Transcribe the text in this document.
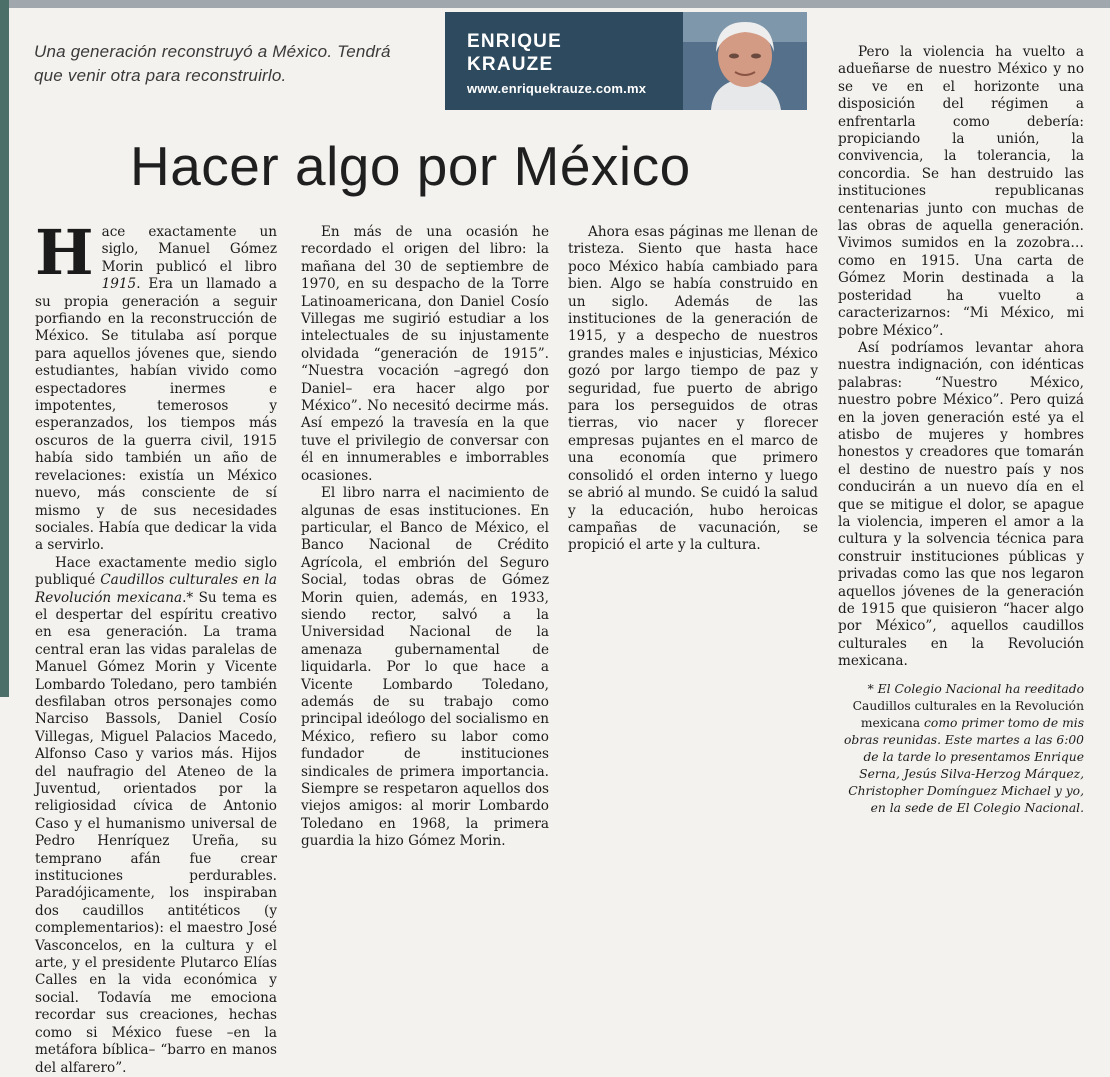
Una generación reconstruyó a México. Tendrá que venir otra para reconstruirlo.
ENRIQUE KRAUZE
www.enriquekrauze.com.mx
Hacer algo por México

Hace exactamente un siglo, Manuel Gómez Morin publicó el libro 1915. Era un llamado a su propia generación a seguir porfiando en la reconstrucción de México. Se titulaba así porque para aquellos jóvenes que, siendo estudiantes, habían vivido como espectadores inermes e impotentes, temerosos y esperanzados, los tiempos más oscuros de la guerra civil, 1915 había sido también un año de revelaciones: existía un México nuevo, más consciente de sí mismo y de sus necesidades sociales. Había que dedicar la vida a servirlo.

Hace exactamente medio siglo publiqué Caudillos culturales en la Revolución mexicana.* Su tema es el despertar del espíritu creativo en esa generación. La trama central eran las vidas paralelas de Manuel Gómez Morin y Vicente Lombardo Toledano, pero también desfilaban otros personajes como Narciso Bassols, Daniel Cosío Villegas, Miguel Palacios Macedo, Alfonso Caso y varios más. Hijos del naufragio del Ateneo de la Juventud, orientados por la religiosidad cívica de Antonio Caso y el humanismo universal de Pedro Henríquez Ureña, su temprano afán fue crear instituciones perdurables. Paradójicamente, los inspiraban dos caudillos antitéticos (y complementarios): el maestro José Vasconcelos, en la cultura y el arte, y el presidente Plutarco Elías Calles en la vida económica y social. Todavía me emociona recordar sus creaciones, hechas como si México fuese –en la metáfora bíblica– “barro en manos del alfarero”.

En más de una ocasión he recordado el origen del libro: la mañana del 30 de septiembre de 1970, en su despacho de la Torre Latinoamericana, don Daniel Cosío Villegas me sugirió estudiar a los intelectuales de su injustamente olvidada “generación de 1915”. “Nuestra vocación –agregó don Daniel– era hacer algo por México”. No necesitó decirme más. Así empezó la travesía en la que tuve el privilegio de conversar con él en innumerables e imborrables ocasiones.

El libro narra el nacimiento de algunas de esas instituciones. En particular, el Banco de México, el Banco Nacional de Crédito Agrícola, el embrión del Seguro Social, todas obras de Gómez Morin quien, además, en 1933, siendo rector, salvó a la Universidad Nacional de la amenaza gubernamental de liquidarla. Por lo que hace a Vicente Lombardo Toledano, además de su trabajo como principal ideólogo del socialismo en México, refiero su labor como fundador de instituciones sindicales de primera importancia. Siempre se respetaron aquellos dos viejos amigos: al morir Lombardo Toledano en 1968, la primera guardia la hizo Gómez Morin.

Ahora esas páginas me llenan de tristeza. Siento que hasta hace poco México había cambiado para bien. Algo se había construido en un siglo. Además de las instituciones de la generación de 1915, y a despecho de nuestros grandes males e injusticias, México gozó por largo tiempo de paz y seguridad, fue puerto de abrigo para los perseguidos de otras tierras, vio nacer y florecer empresas pujantes en el marco de una economía que primero consolidó el orden interno y luego se abrió al mundo. Se cuidó la salud y la educación, hubo heroicas campañas de vacunación, se propició el arte y la cultura.

Pero la violencia ha vuelto a adueñarse de nuestro México y no se ve en el horizonte una disposición del régimen a enfrentarla como debería: propiciando la unión, la convivencia, la tolerancia, la concordia. Se han destruido las instituciones republicanas centenarias junto con muchas de las obras de aquella generación. Vivimos sumidos en la zozobra… como en 1915. Una carta de Gómez Morin destinada a la posteridad ha vuelto a caracterizarnos: “Mi México, mi pobre México”.

Así podríamos levantar ahora nuestra indignación, con idénticas palabras: “Nuestro México, nuestro pobre México”. Pero quizá en la joven generación esté ya el atisbo de mujeres y hombres honestos y creadores que tomarán el destino de nuestro país y nos conducirán a un nuevo día en el que se mitigue el dolor, se apague la violencia, imperen el amor a la cultura y la solvencia técnica para construir instituciones públicas y privadas como las que nos legaron aquellos jóvenes de la generación de 1915 que quisieron “hacer algo por México”, aquellos caudillos culturales en la Revolución mexicana.

* El Colegio Nacional ha reeditado Caudillos culturales en la Revolución mexicana como primer tomo de mis obras reunidas. Este martes a las 6:00 de la tarde lo presentamos Enrique Serna, Jesús Silva-Herzog Márquez, Christopher Domínguez Michael y yo, en la sede de El Colegio Nacional.
